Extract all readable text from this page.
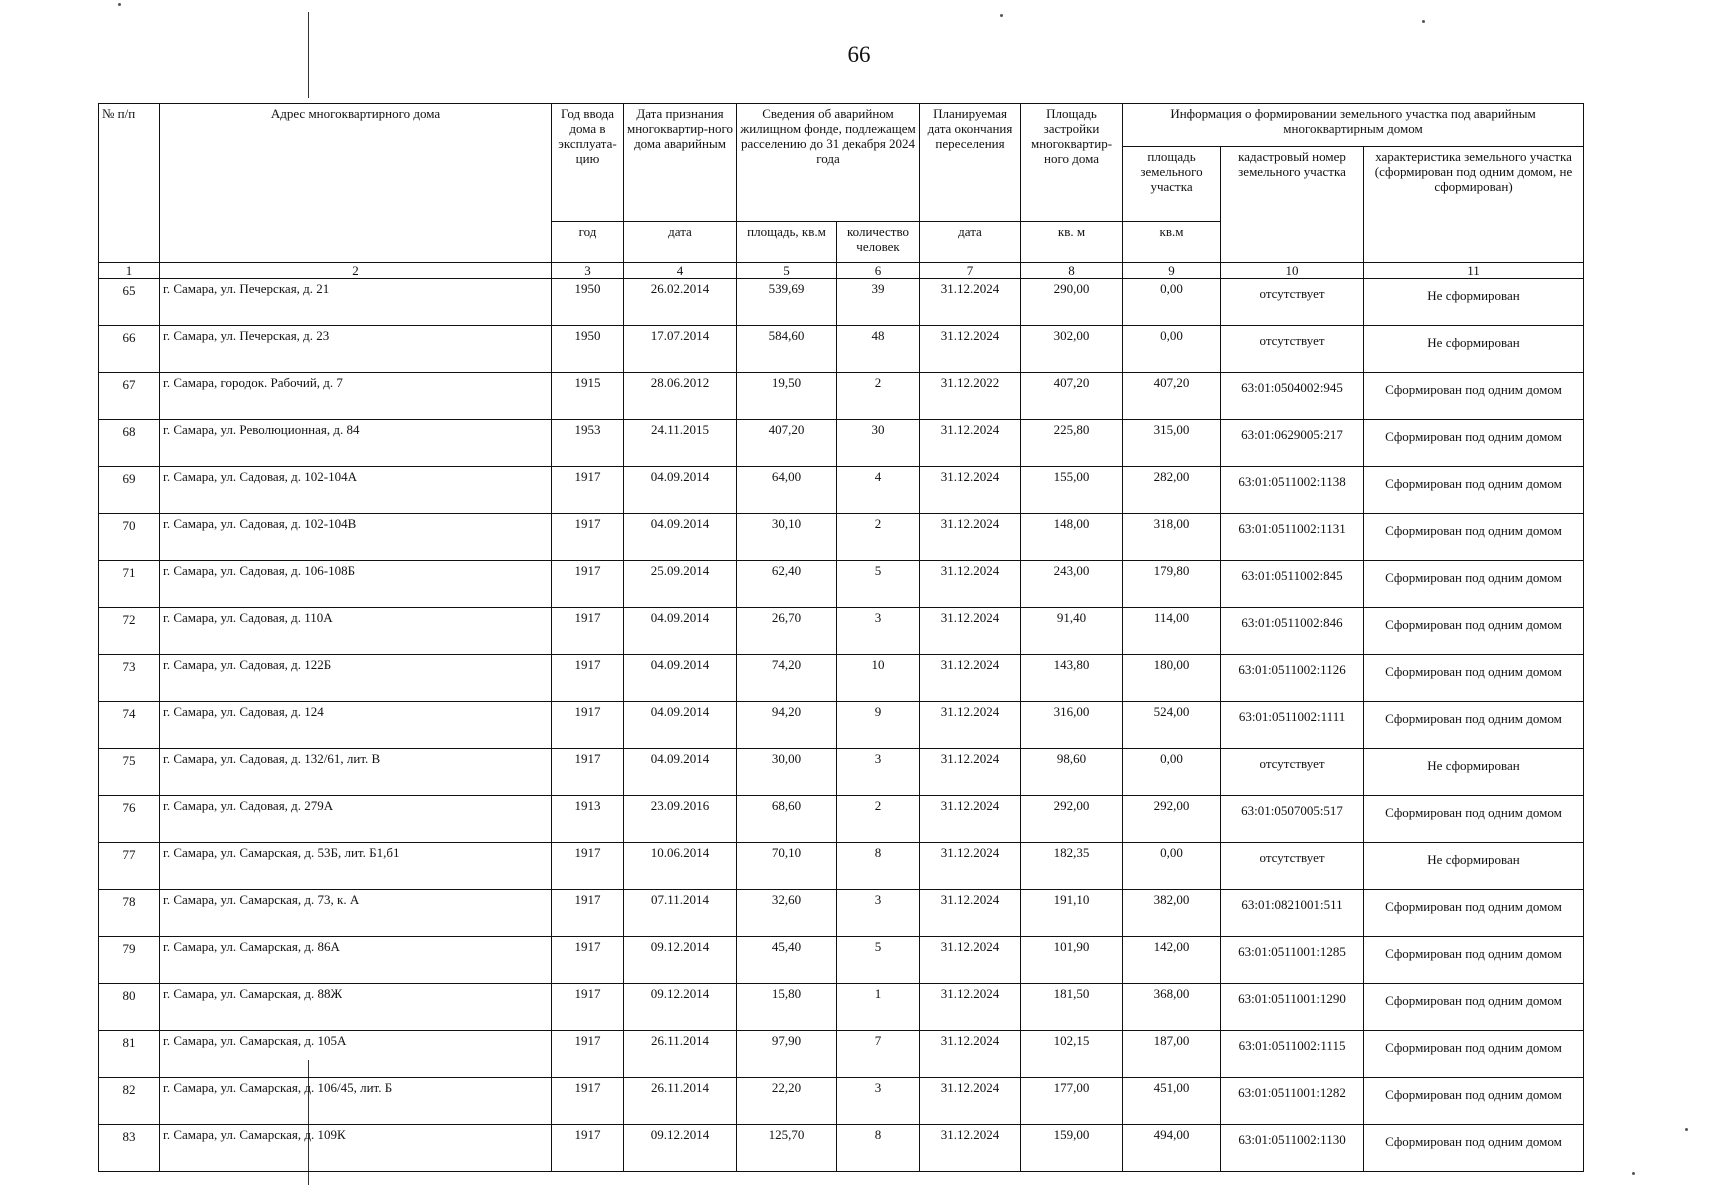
66
№ п/п	Адрес многоквартирного дома	Год ввода дома в эксплуата-цию	Дата признания многоквартир-ного дома аварийным	Сведения об аварийном жилищном фонде, подлежащем расселению до 31 декабря 2024 года		Планируемая дата окончания переселения	Площадь застройки многоквартир-ного дома	Информация о формировании земельного участка под аварийным многоквартирным домом		
								площадь земельного участка	кадастровый номер земельного участка	характеристика земельного участка (сформирован под одним домом, не сформирован)
		год	дата	площадь, кв.м	количество человек	дата	кв. м	кв.м		
1	2	3	4	5	6	7	8	9	10	11
65	г. Самара, ул. Печерская, д. 21	1950	26.02.2014	539,69	39	31.12.2024	290,00	0,00	отсутствует	Не сформирован
66	г. Самара, ул. Печерская, д. 23	1950	17.07.2014	584,60	48	31.12.2024	302,00	0,00	отсутствует	Не сформирован
67	г. Самара, городок. Рабочий, д. 7	1915	28.06.2012	19,50	2	31.12.2022	407,20	407,20	63:01:0504002:945	Сформирован под одним домом
68	г. Самара, ул. Революционная, д. 84	1953	24.11.2015	407,20	30	31.12.2024	225,80	315,00	63:01:0629005:217	Сформирован под одним домом
69	г. Самара, ул. Садовая, д. 102-104А	1917	04.09.2014	64,00	4	31.12.2024	155,00	282,00	63:01:0511002:1138	Сформирован под одним домом
70	г. Самара, ул. Садовая, д. 102-104В	1917	04.09.2014	30,10	2	31.12.2024	148,00	318,00	63:01:0511002:1131	Сформирован под одним домом
71	г. Самара, ул. Садовая, д. 106-108Б	1917	25.09.2014	62,40	5	31.12.2024	243,00	179,80	63:01:0511002:845	Сформирован под одним домом
72	г. Самара, ул. Садовая, д. 110А	1917	04.09.2014	26,70	3	31.12.2024	91,40	114,00	63:01:0511002:846	Сформирован под одним домом
73	г. Самара, ул. Садовая, д. 122Б	1917	04.09.2014	74,20	10	31.12.2024	143,80	180,00	63:01:0511002:1126	Сформирован под одним домом
74	г. Самара, ул. Садовая, д. 124	1917	04.09.2014	94,20	9	31.12.2024	316,00	524,00	63:01:0511002:1111	Сформирован под одним домом
75	г. Самара, ул. Садовая, д. 132/61, лит. В	1917	04.09.2014	30,00	3	31.12.2024	98,60	0,00	отсутствует	Не сформирован
76	г. Самара, ул. Садовая, д. 279А	1913	23.09.2016	68,60	2	31.12.2024	292,00	292,00	63:01:0507005:517	Сформирован под одним домом
77	г. Самара, ул. Самарская, д. 53Б, лит. Б1,б1	1917	10.06.2014	70,10	8	31.12.2024	182,35	0,00	отсутствует	Не сформирован
78	г. Самара, ул. Самарская, д. 73, к. А	1917	07.11.2014	32,60	3	31.12.2024	191,10	382,00	63:01:0821001:511	Сформирован под одним домом
79	г. Самара, ул. Самарская, д. 86А	1917	09.12.2014	45,40	5	31.12.2024	101,90	142,00	63:01:0511001:1285	Сформирован под одним домом
80	г. Самара, ул. Самарская, д. 88Ж	1917	09.12.2014	15,80	1	31.12.2024	181,50	368,00	63:01:0511001:1290	Сформирован под одним домом
81	г. Самара, ул. Самарская, д. 105А	1917	26.11.2014	97,90	7	31.12.2024	102,15	187,00	63:01:0511002:1115	Сформирован под одним домом
82	г. Самара, ул. Самарская, д. 106/45, лит. Б	1917	26.11.2014	22,20	3	31.12.2024	177,00	451,00	63:01:0511001:1282	Сформирован под одним домом
83	г. Самара, ул. Самарская, д. 109К	1917	09.12.2014	125,70	8	31.12.2024	159,00	494,00	63:01:0511002:1130	Сформирован под одним домом
